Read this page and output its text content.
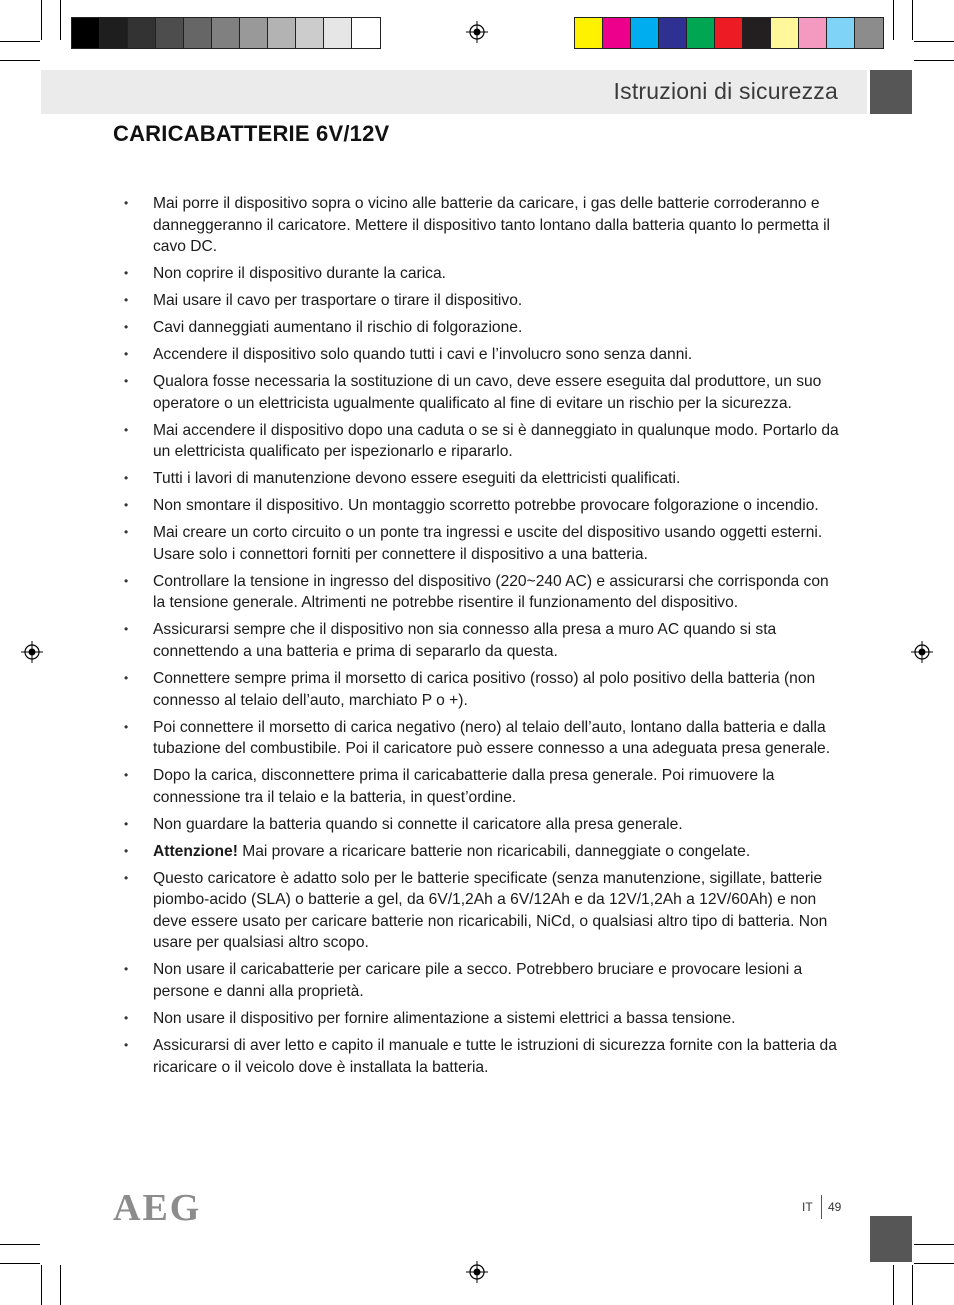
Istruzioni di sicurezza
CARICABATTERIE 6V/12V
• Mai porre il dispositivo sopra o vicino alle batterie da caricare, i gas delle batterie corroderanno e danneggeranno il caricatore. Mettere il dispositivo tanto lontano dalla batteria quanto lo permetta il cavo DC.
• Non coprire il dispositivo durante la carica.
• Mai usare il cavo per trasportare o tirare il dispositivo.
• Cavi danneggiati aumentano il rischio di folgorazione.
• Accendere il dispositivo solo quando tutti i cavi e l’involucro sono senza danni.
• Qualora fosse necessaria la sostituzione di un cavo, deve essere eseguita dal produttore, un suo operatore o un elettricista ugualmente qualificato al fine di evitare un rischio per la sicurezza.
• Mai accendere il dispositivo dopo una caduta o se si è danneggiato in qualunque modo. Portarlo da un elettricista qualificato per ispezionarlo e ripararlo.
• Tutti i lavori di manutenzione devono essere eseguiti da elettricisti qualificati.
• Non smontare il dispositivo. Un montaggio scorretto potrebbe provocare folgorazione o incendio.
• Mai creare un corto circuito o un ponte tra ingressi e uscite del dispositivo usando oggetti esterni. Usare solo i connettori forniti per connettere il dispositivo a una batteria.
• Controllare la tensione in ingresso del dispositivo (220~240 AC) e assicurarsi che corrisponda con la tensione generale. Altrimenti ne potrebbe risentire il funzionamento del dispositivo.
• Assicurarsi sempre che il dispositivo non sia connesso alla presa a muro AC quando si sta connettendo a una batteria e prima di separarlo da questa.
• Connettere sempre prima il morsetto di carica positivo (rosso) al polo positivo della batteria (non connesso al telaio dell’auto, marchiato P o +).
• Poi connettere il morsetto di carica negativo (nero) al telaio dell’auto, lontano dalla batteria e dalla tubazione del combustibile. Poi il caricatore può essere connesso a una adeguata presa generale.
• Dopo la carica, disconnettere prima il caricabatterie dalla presa generale. Poi rimuovere la connessione tra il telaio e la batteria, in quest’ordine.
• Non guardare la batteria quando si connette il caricatore alla presa generale.
• Attenzione! Mai provare a ricaricare batterie non ricaricabili, danneggiate o congelate.
• Questo caricatore è adatto solo per le batterie specificate (senza manutenzione, sigillate, batterie piombo-acido (SLA) o batterie a gel, da 6V/1,2Ah a 6V/12Ah e da 12V/1,2Ah a 12V/60Ah) e non deve essere usato per caricare batterie non ricaricabili, NiCd, o qualsiasi altro tipo di batteria. Non usare per qualsiasi altro scopo.
• Non usare il caricabatterie per caricare pile a secco. Potrebbero bruciare e provocare lesioni a persone e danni alla proprietà.
• Non usare il dispositivo per fornire alimentazione a sistemi elettrici a bassa tensione.
• Assicurarsi di aver letto e capito il manuale e tutte le istruzioni di sicurezza fornite con la batteria da ricaricare o il veicolo dove è installata la batteria.
AEG	IT 49
